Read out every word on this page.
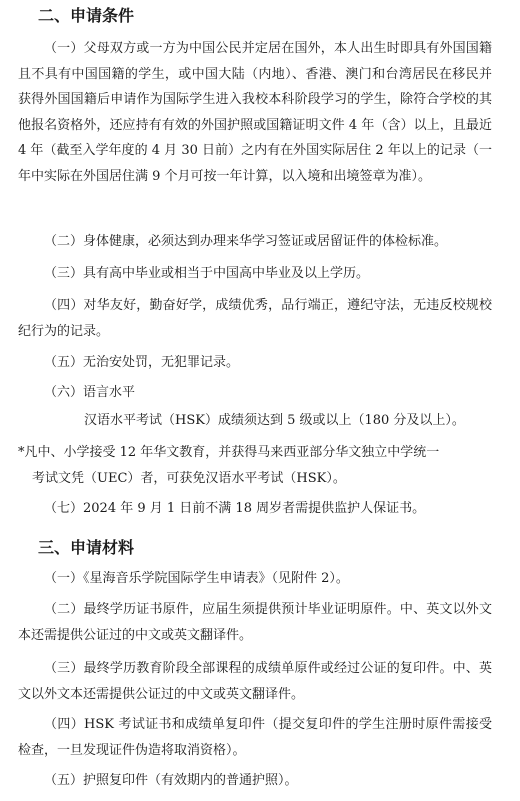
二、申请条件

（一）父母双方或一方为中国公民并定居在国外，本人出生时即具有外国国籍且不具有中国国籍的学生，或中国大陆（内地）、香港、澳门和台湾居民在移民并获得外国国籍后申请作为国际学生进入我校本科阶段学习的学生，除符合学校的其他报名资格外，还应持有有效的外国护照或国籍证明文件 4 年（含）以上，且最近 4 年（截至入学年度的 4 月 30 日前）之内有在外国实际居住 2 年以上的记录（一年中实际在外国居住满 9 个月可按一年计算，以入境和出境签章为准）。

（二）身体健康，必须达到办理来华学习签证或居留证件的体检标准。

（三）具有高中毕业或相当于中国高中毕业及以上学历。

（四）对华友好，勤奋好学，成绩优秀，品行端正，遵纪守法，无违反校规校纪行为的记录。

（五）无治安处罚，无犯罪记录。

（六）语言水平

汉语水平考试（HSK）成绩须达到 5 级或以上（180 分及以上）。

*凡中、小学接受 12 年华文教育，并获得马来西亚部分华文独立中学统一
考试文凭（UEC）者，可获免汉语水平考试（HSK）。

（七）2024 年 9 月 1 日前不满 18 周岁者需提供监护人保证书。

三、申请材料

（一）《星海音乐学院国际学生申请表》（见附件 2）。

（二）最终学历证书原件，应届生须提供预计毕业证明原件。中、英文以外文本还需提供公证过的中文或英文翻译件。

（三）最终学历教育阶段全部课程的成绩单原件或经过公证的复印件。中、英文以外文本还需提供公证过的中文或英文翻译件。

（四）HSK 考试证书和成绩单复印件（提交复印件的学生注册时原件需接受检查，一旦发现证件伪造将取消资格）。

（五）护照复印件（有效期内的普通护照）。
